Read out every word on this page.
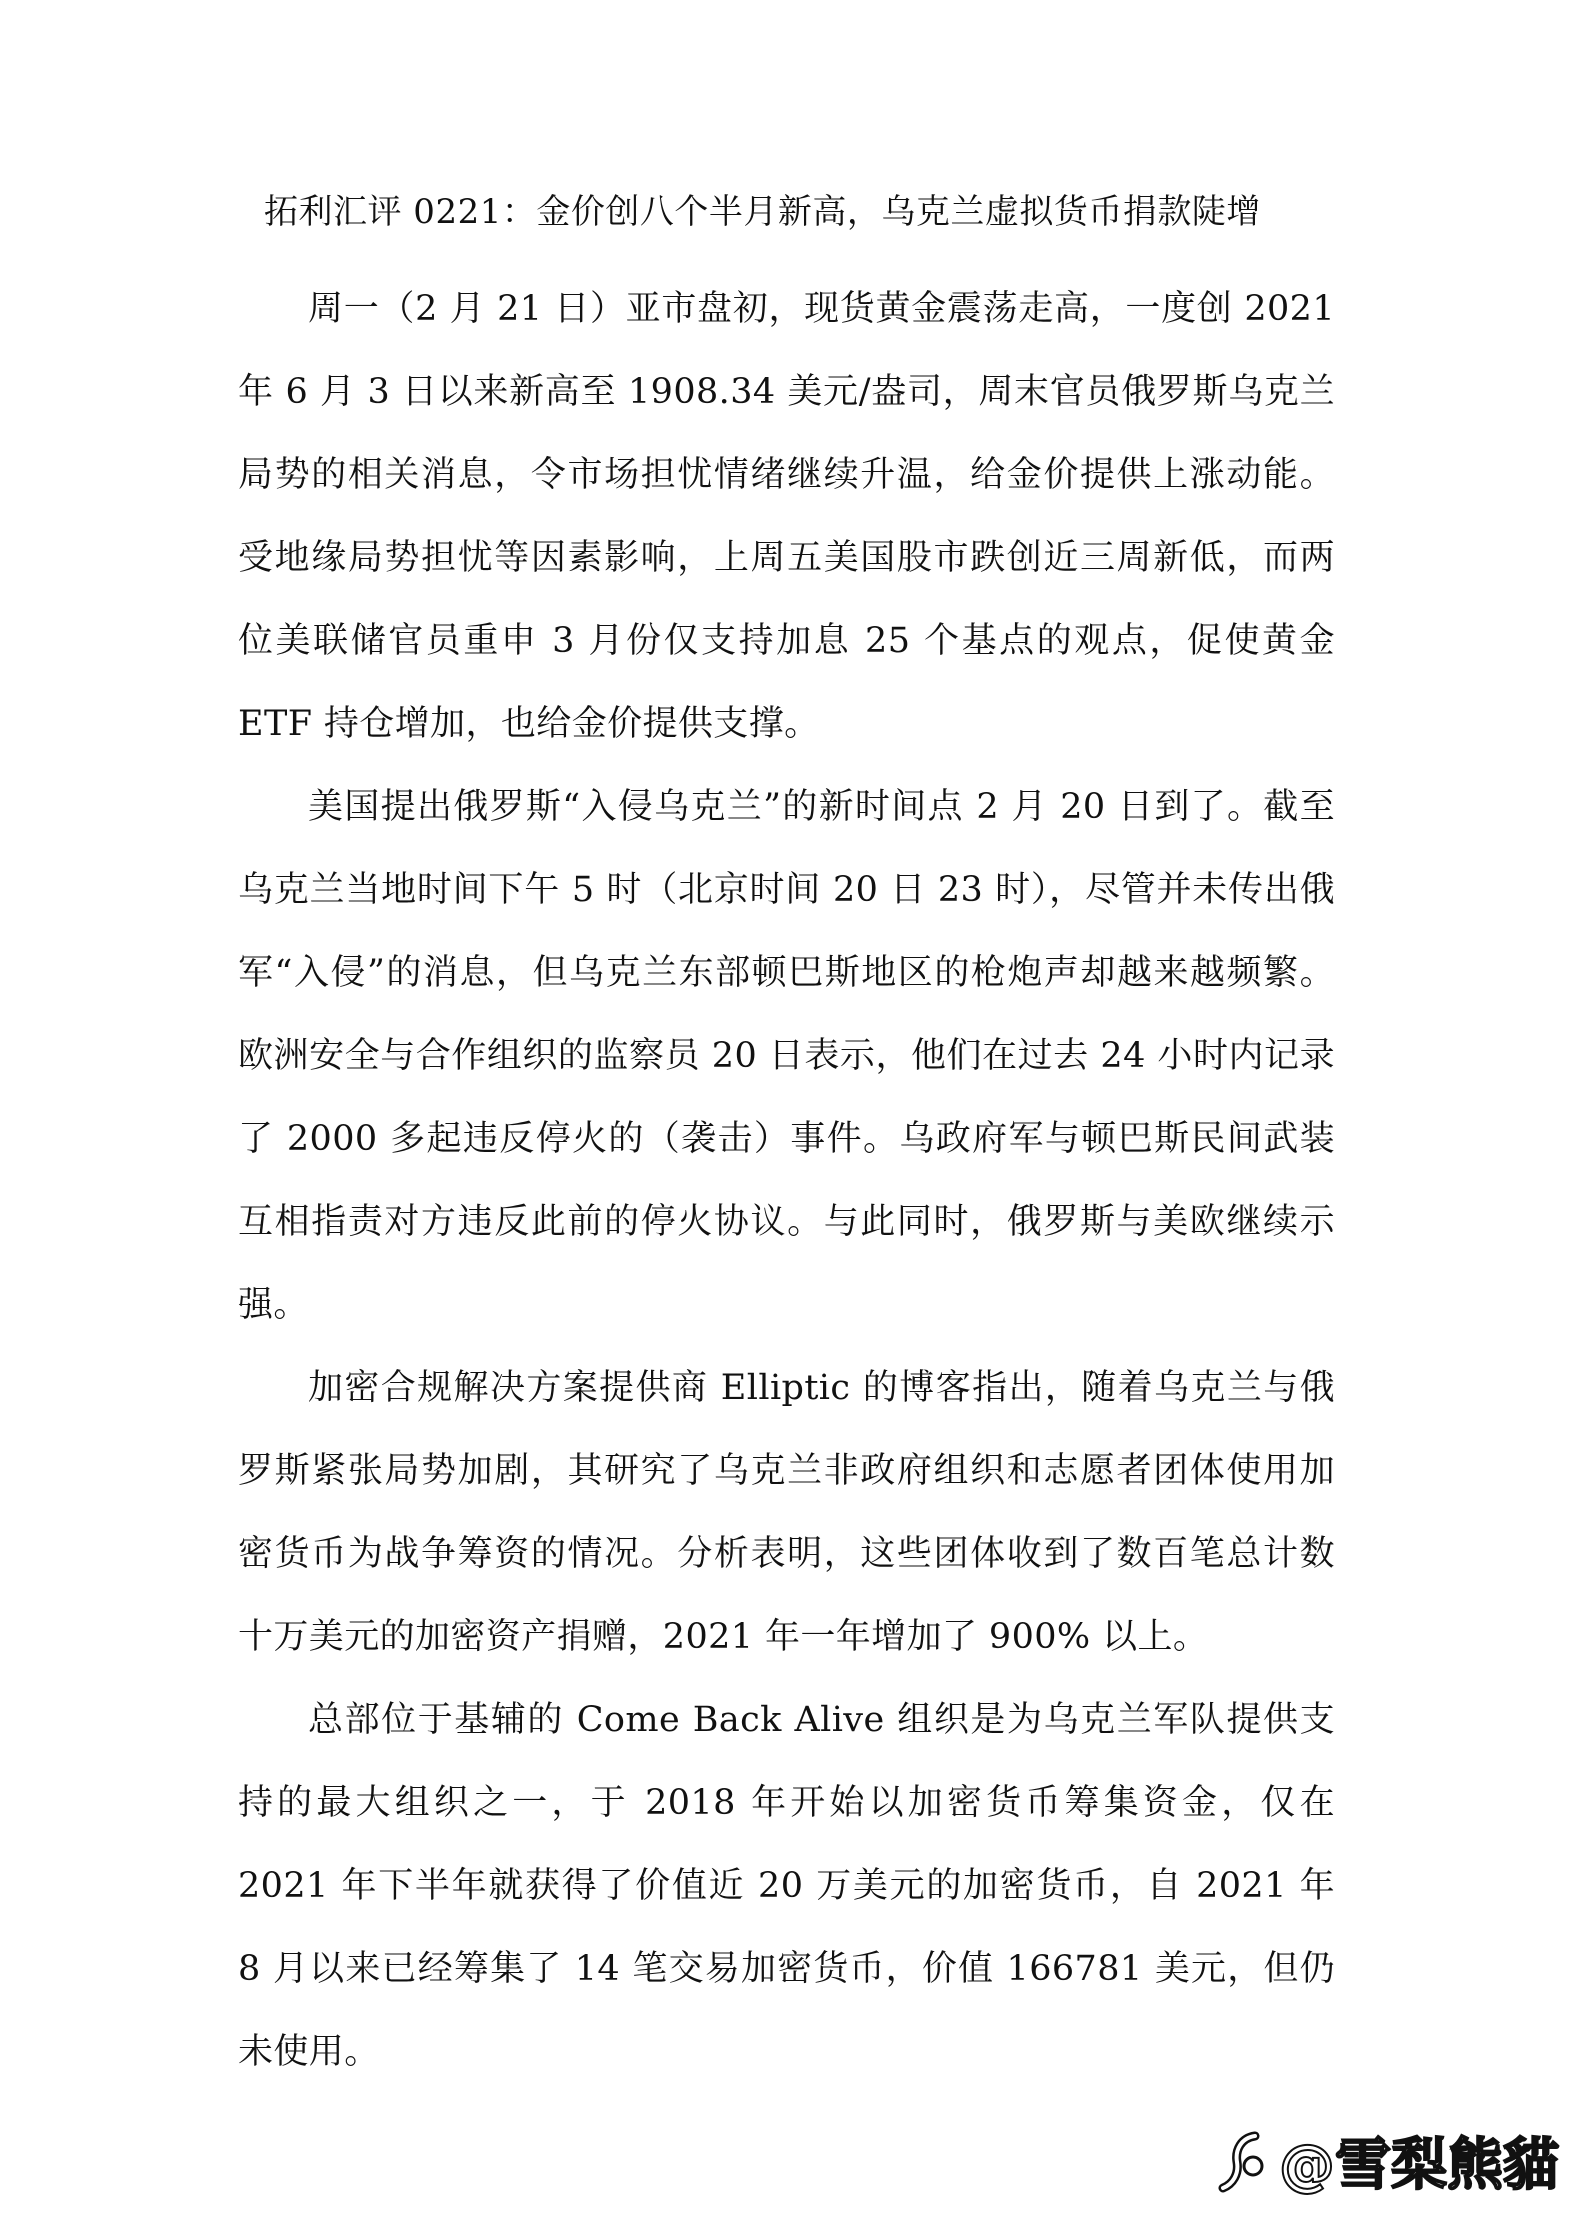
拓利汇评 0221：金价创八个半月新高，乌克兰虚拟货币捐款陡增

周一（2 月 21 日）亚市盘初，现货黄金震荡走高，一度创 2021 年 6 月 3 日以来新高至 1908.34 美元/盎司，周末官员俄罗斯乌克兰局势的相关消息，令市场担忧情绪继续升温，给金价提供上涨动能。受地缘局势担忧等因素影响，上周五美国股市跌创近三周新低，而两位美联储官员重申 3 月份仅支持加息 25 个基点的观点，促使黄金 ETF 持仓增加，也给金价提供支撑。

美国提出俄罗斯“入侵乌克兰”的新时间点 2 月 20 日到了。截至乌克兰当地时间下午 5 时（北京时间 20 日 23 时），尽管并未传出俄军“入侵”的消息，但乌克兰东部顿巴斯地区的枪炮声却越来越频繁。欧洲安全与合作组织的监察员 20 日表示，他们在过去 24 小时内记录了 2000 多起违反停火的（袭击）事件。乌政府军与顿巴斯民间武装互相指责对方违反此前的停火协议。与此同时，俄罗斯与美欧继续示强。

加密合规解决方案提供商 Elliptic 的博客指出，随着乌克兰与俄罗斯紧张局势加剧，其研究了乌克兰非政府组织和志愿者团体使用加密货币为战争筹资的情况。分析表明，这些团体收到了数百笔总计数十万美元的加密资产捐赠，2021 年一年增加了 900% 以上。

总部位于基辅的 Come Back Alive 组织是为乌克兰军队提供支持的最大组织之一，于 2018 年开始以加密货币筹集资金，仅在 2021 年下半年就获得了价值近 20 万美元的加密货币，自 2021 年 8 月以来已经筹集了 14 笔交易加密货币，价值 166781 美元，但仍未使用。

@雪梨熊貓
